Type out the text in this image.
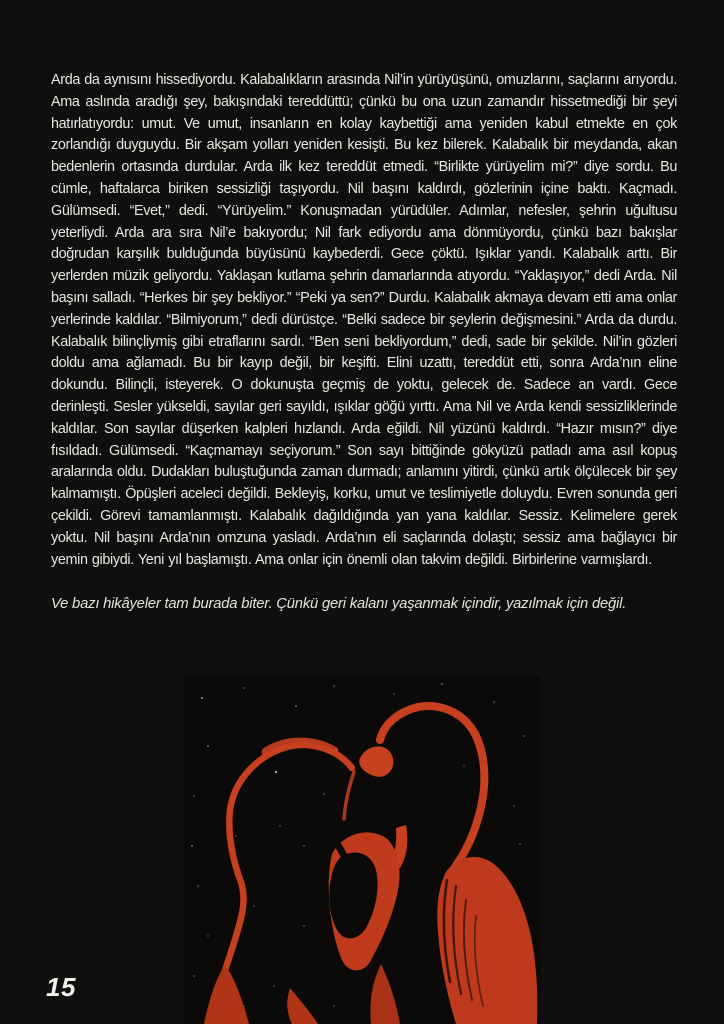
Arda da aynısını hissediyordu. Kalabalıkların arasında Nil’in yürüyüşünü, omuzlarını, saçlarını arıyordu. Ama aslında aradığı şey, bakışındaki tereddüttü; çünkü bu ona uzun zamandır hissetmediği bir şeyi hatırlatıyordu: umut. Ve umut, insanların en kolay kaybettiği ama yeniden kabul etmekte en çok zorlandığı duyguydu. Bir akşam yolları yeniden kesişti. Bu kez bilerek. Kalabalık bir meydanda, akan bedenlerin ortasında durdular. Arda ilk kez tereddüt etmedi. “Birlikte yürüyelim mi?” diye sordu. Bu cümle, haftalarca biriken sessizliği taşıyordu. Nil başını kaldırdı, gözlerinin içine baktı. Kaçmadı. Gülümsedi. “Evet,” dedi. “Yürüyelim.” Konuşmadan yürüdüler. Adımlar, nefesler, şehrin uğultusu yeterliydi. Arda ara sıra Nil’e bakıyordu; Nil fark ediyordu ama dönmüyordu, çünkü bazı bakışlar doğrudan karşılık bulduğunda büyüsünü kaybederdi. Gece çöktü. Işıklar yandı. Kalabalık arttı. Bir yerlerden müzik geliyordu. Yaklaşan kutlama şehrin damarlarında atıyordu. “Yaklaşıyor,” dedi Arda. Nil başını salladı. “Herkes bir şey bekliyor.” “Peki ya sen?” Durdu. Kalabalık akmaya devam etti ama onlar yerlerinde kaldılar. “Bilmiyorum,” dedi dürüstçe. “Belki sadece bir şeylerin değişmesini.” Arda da durdu. Kalabalık bilinçliymiş gibi etraflarını sardı. “Ben seni bekliyordum,” dedi, sade bir şekilde. Nil’in gözleri doldu ama ağlamadı. Bu bir kayıp değil, bir keşifti. Elini uzattı, tereddüt etti, sonra Arda’nın eline dokundu. Bilinçli, isteyerek. O dokunuşta geçmiş de yoktu, gelecek de. Sadece an vardı. Gece derinleşti. Sesler yükseldi, sayılar geri sayıldı, ışıklar göğü yırttı. Ama Nil ve Arda kendi sessizliklerinde kaldılar. Son sayılar düşerken kalpleri hızlandı. Arda eğildi. Nil yüzünü kaldırdı. “Hazır mısın?” diye fısıldadı. Gülümsedi. “Kaçmamayı seçiyorum.” Son sayı bittiğinde gökyüzü patladı ama asıl kopuş aralarında oldu. Dudakları buluştuğunda zaman durmadı; anlamını yitirdi, çünkü artık ölçülecek bir şey kalmamıştı. Öpüşleri aceleci değildi. Bekleyiş, korku, umut ve teslimiyetle doluydu. Evren sonunda geri çekildi. Görevi tamamlanmıştı. Kalabalık dağıldığında yan yana kaldılar. Sessiz. Kelimelere gerek yoktu. Nil başını Arda’nın omzuna yasladı. Arda’nın eli saçlarında dolaştı; sessiz ama bağlayıcı bir yemin gibiydi. Yeni yıl başlamıştı. Ama onlar için önemli olan takvim değildi. Birbirlerine varmışlardı.

Ve bazı hikâyeler tam burada biter. Çünkü geri kalanı yaşanmak içindir, yazılmak için değil.

15
